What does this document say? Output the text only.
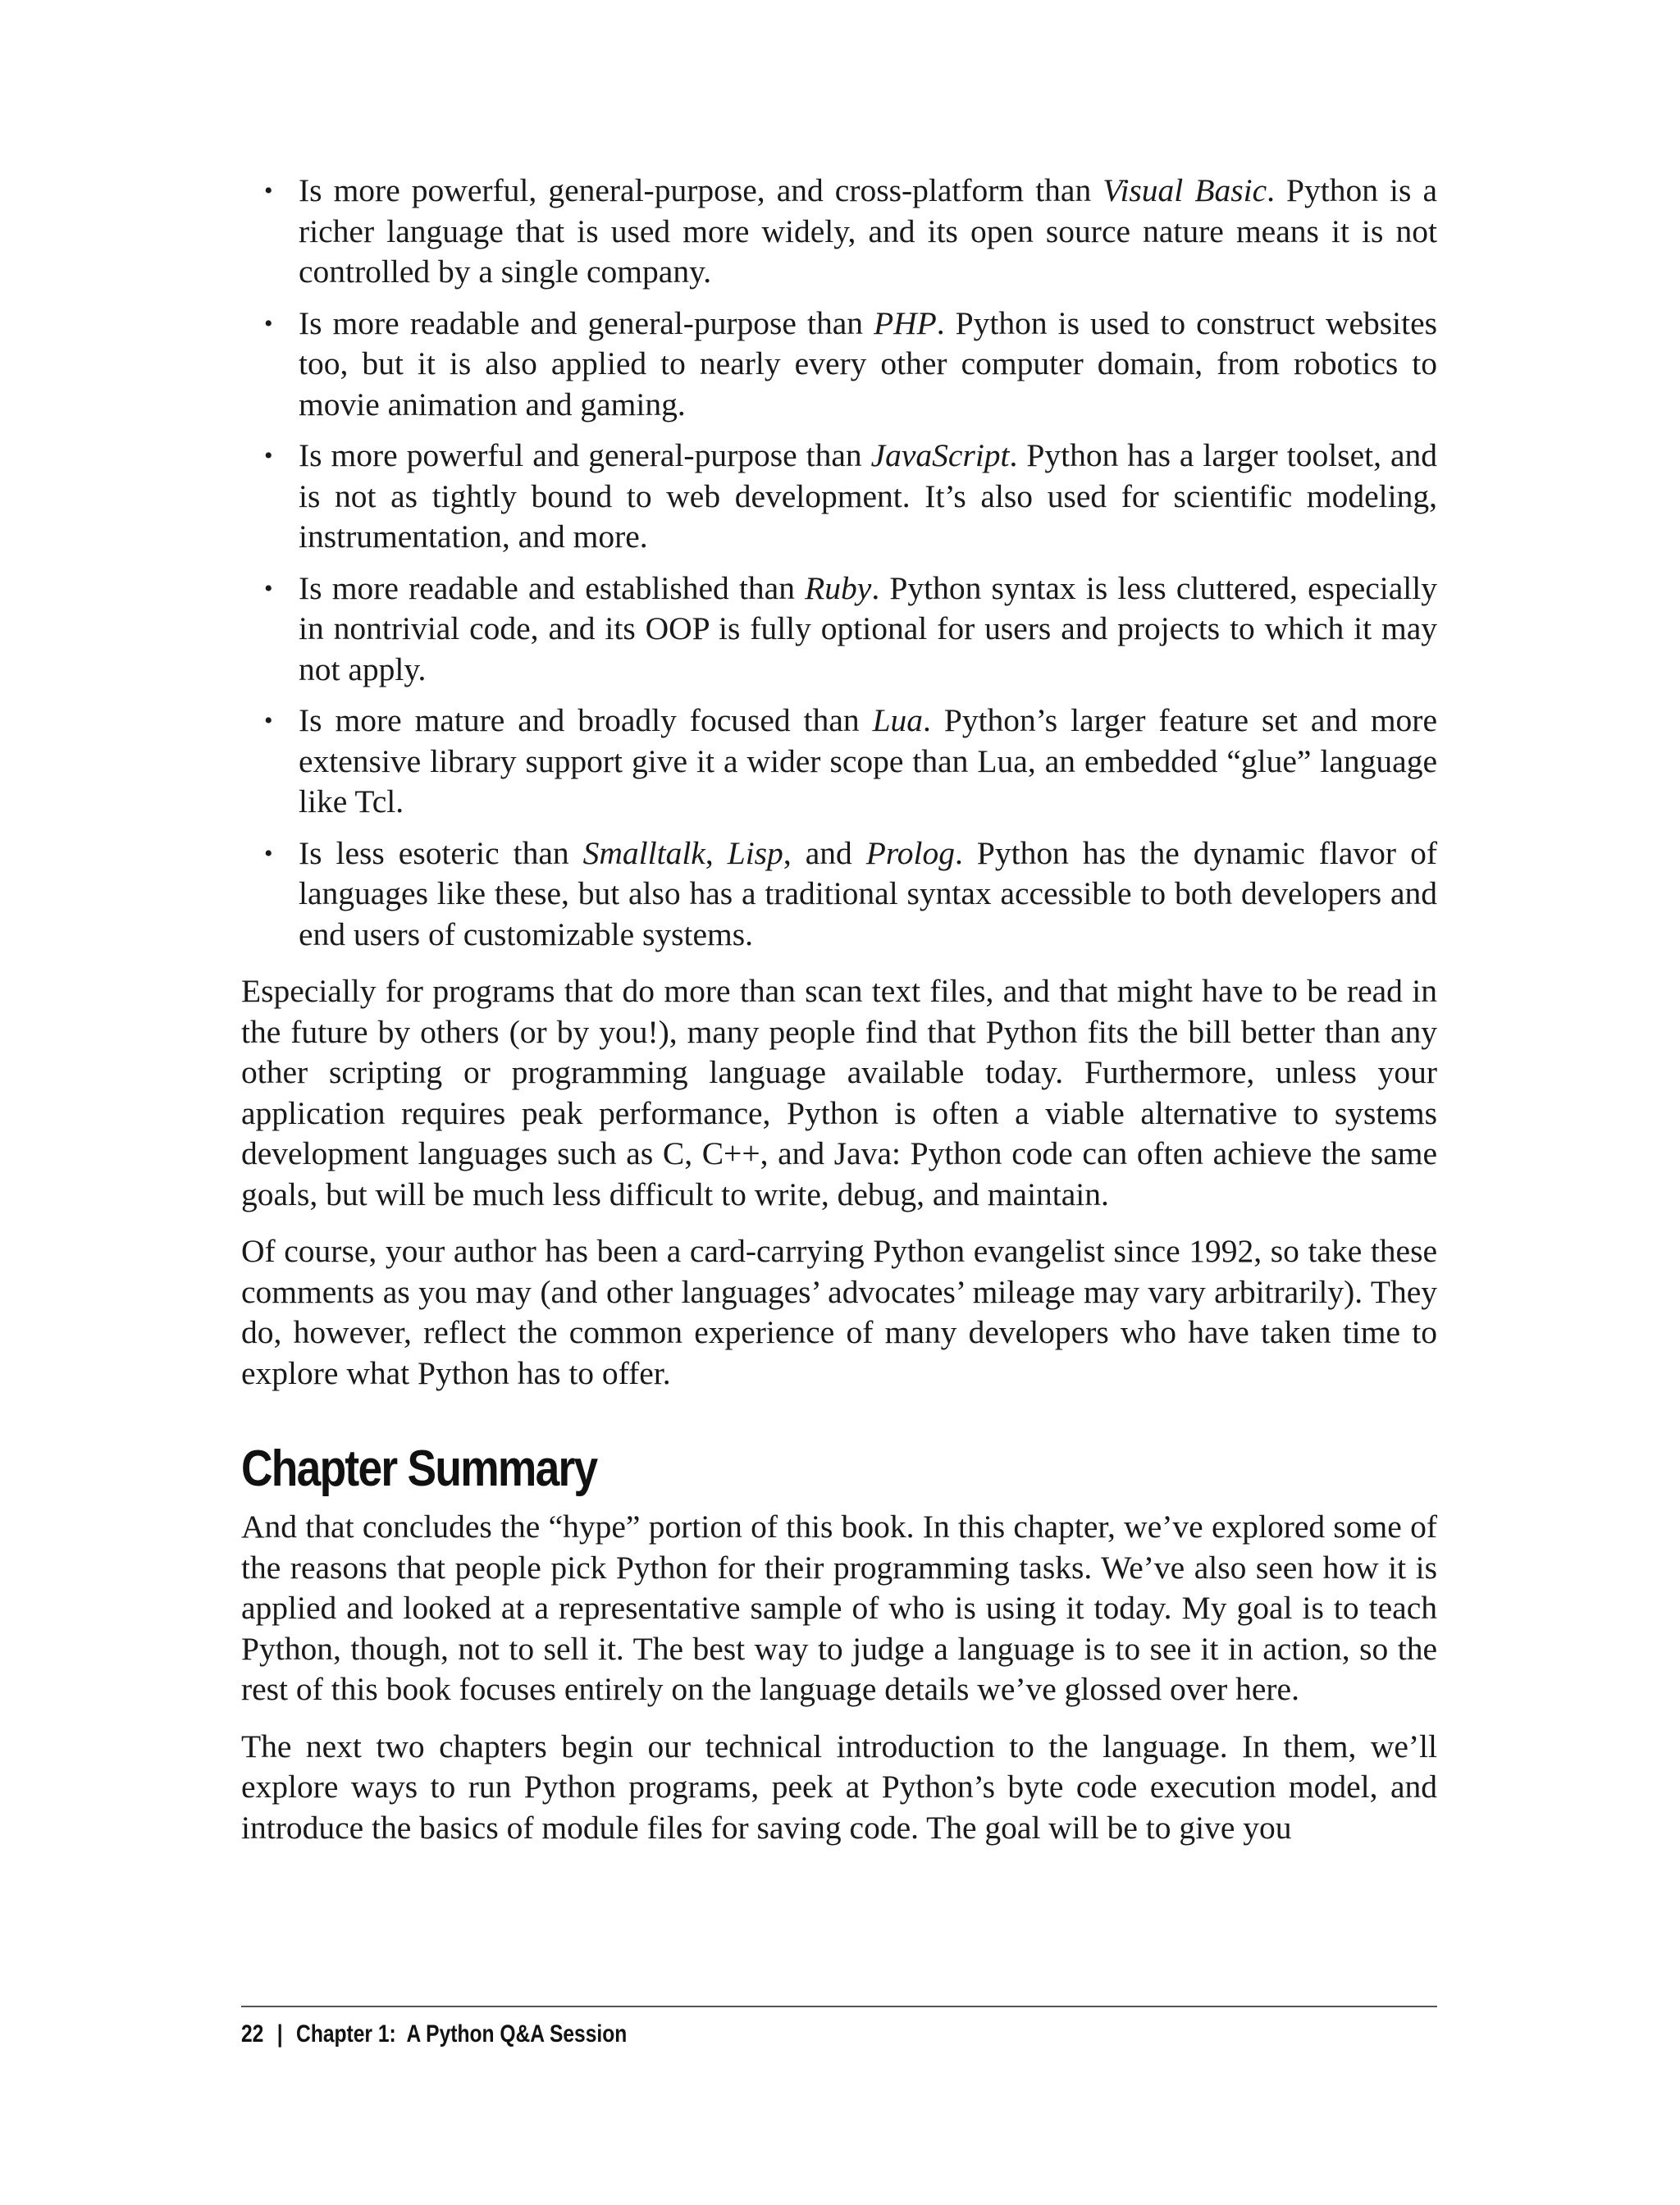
• Is more powerful, general-purpose, and cross-platform than Visual Basic. Python is a richer language that is used more widely, and its open source nature means it is not controlled by a single company.
• Is more readable and general-purpose than PHP. Python is used to construct websites too, but it is also applied to nearly every other computer domain, from robotics to movie animation and gaming.
• Is more powerful and general-purpose than JavaScript. Python has a larger toolset, and is not as tightly bound to web development. It’s also used for scientific modeling, instrumentation, and more.
• Is more readable and established than Ruby. Python syntax is less cluttered, especially in nontrivial code, and its OOP is fully optional for users and projects to which it may not apply.
• Is more mature and broadly focused than Lua. Python’s larger feature set and more extensive library support give it a wider scope than Lua, an embedded “glue” language like Tcl.
• Is less esoteric than Smalltalk, Lisp, and Prolog. Python has the dynamic flavor of languages like these, but also has a traditional syntax accessible to both developers and end users of customizable systems.

Especially for programs that do more than scan text files, and that might have to be read in the future by others (or by you!), many people find that Python fits the bill better than any other scripting or programming language available today. Furthermore, unless your application requires peak performance, Python is often a viable alternative to systems development languages such as C, C++, and Java: Python code can often achieve the same goals, but will be much less difficult to write, debug, and maintain.

Of course, your author has been a card-carrying Python evangelist since 1992, so take these comments as you may (and other languages’ advocates’ mileage may vary arbitrarily). They do, however, reflect the common experience of many developers who have taken time to explore what Python has to offer.

Chapter Summary

And that concludes the “hype” portion of this book. In this chapter, we’ve explored some of the reasons that people pick Python for their programming tasks. We’ve also seen how it is applied and looked at a representative sample of who is using it today. My goal is to teach Python, though, not to sell it. The best way to judge a language is to see it in action, so the rest of this book focuses entirely on the language details we’ve glossed over here.

The next two chapters begin our technical introduction to the language. In them, we’ll explore ways to run Python programs, peek at Python’s byte code execution model, and introduce the basics of module files for saving code. The goal will be to give you

22 | Chapter 1:  A Python Q&A Session
